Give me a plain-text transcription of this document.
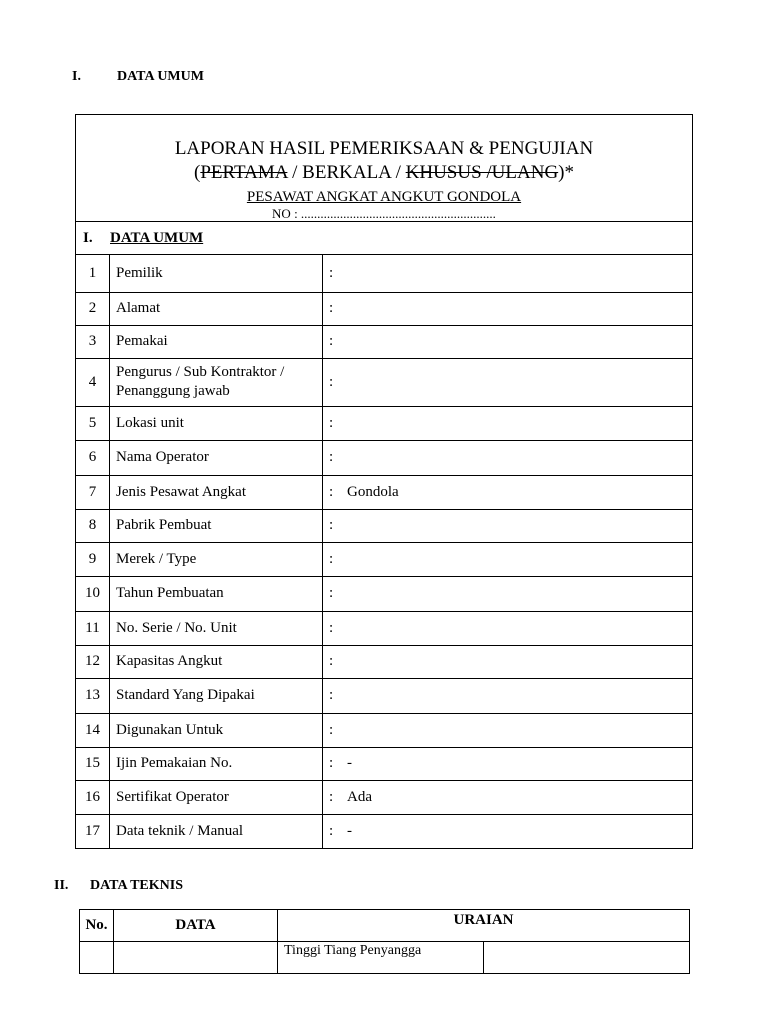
I.	DATA UMUM
LAPORAN HASIL PEMERIKSAAN & PENGUJIAN
(PERTAMA / BERKALA / KHUSUS /ULANG)*
PESAWAT ANGKAT ANGKUT GONDOLA
NO : ............................................................
I. DATA UMUM
1	Pemilik	:
2	Alamat	:
3	Pemakai	:
4	Pengurus / Sub Kontraktor / Penanggung jawab	:
5	Lokasi unit	:
6	Nama Operator	:
7	Jenis Pesawat Angkat	: Gondola
8	Pabrik Pembuat	:
9	Merek / Type	:
10	Tahun Pembuatan	:
11	No. Serie / No. Unit	:
12	Kapasitas Angkut	:
13	Standard Yang Dipakai	:
14	Digunakan Untuk	:
15	Ijin Pemakaian No.	: -
16	Sertifikat Operator	: Ada
17	Data teknik / Manual	: -
II. DATA TEKNIS
No.	DATA	URAIAN	
		Tinggi Tiang Penyangga	
